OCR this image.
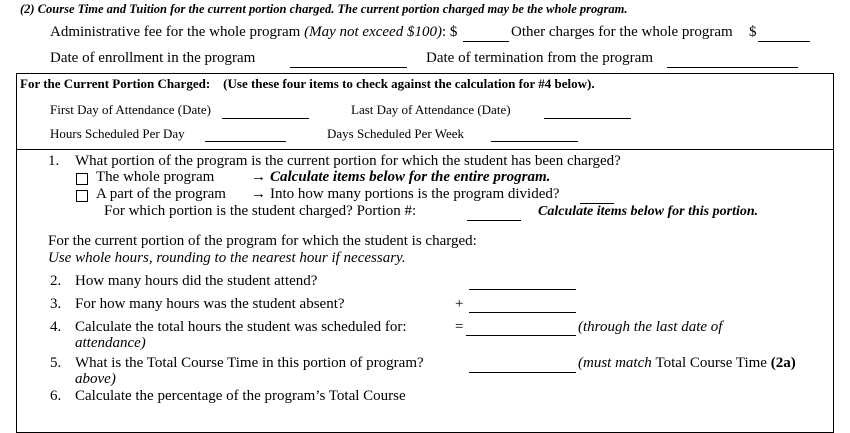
(2) Course Time and Tuition for the current portion charged. The current portion charged may be the whole program.
Administrative fee for the whole program (May not exceed $100): $	Other charges for the whole program $
Date of enrollment in the program	Date of termination from the program
For the Current Portion Charged: (Use these four items to check against the calculation for #4 below).
First Day of Attendance (Date)	Last Day of Attendance (Date)
Hours Scheduled Per Day	Days Scheduled Per Week
1. What portion of the program is the current portion for which the student has been charged?
The whole program → Calculate items below for the entire program.
A part of the program → Into how many portions is the program divided?
For which portion is the student charged? Portion #:	Calculate items below for this portion.
For the current portion of the program for which the student is charged:
Use whole hours, rounding to the nearest hour if necessary.
2. How many hours did the student attend?
3. For how many hours was the student absent?	+
4. Calculate the total hours the student was scheduled for:	=	(through the last date of
attendance)
5. What is the Total Course Time in this portion of program?	(must match Total Course Time (2a)
above)
6. Calculate the percentage of the program’s Total Course
